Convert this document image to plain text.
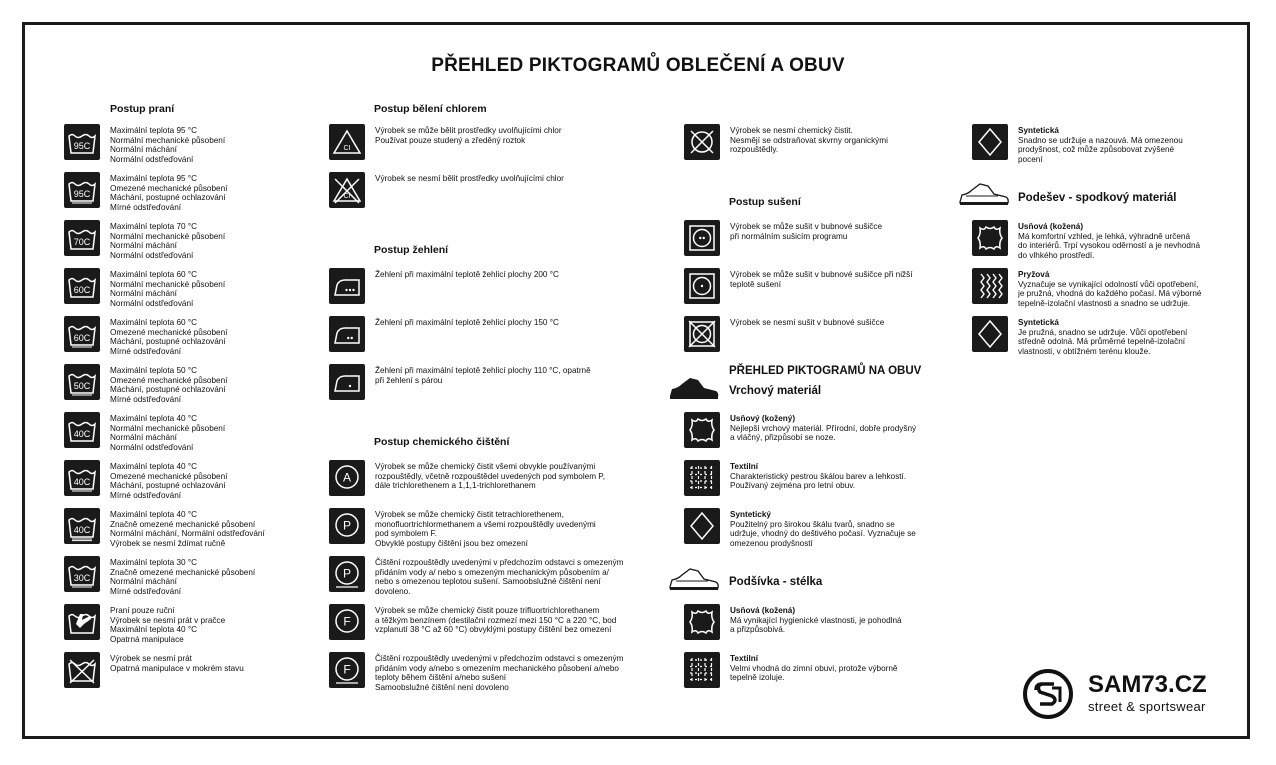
PŘEHLED PIKTOGRAMŮ OBLEČENÍ A OBUV
Postup praní	Postup bělení chlorem
Postup žehlení
Postup chemického čištění
Postup sušení
PŘEHLED PIKTOGRAMŮ NA OBUV
Vrchový materiál
Podšívka - stélka
Podešev - spodkový materiál
SAM73.CZ
street & sportswear
95C
Maximální teplota 95 °C
Normální mechanické působení
Normální máchání
Normální odstřeďování
95C
Maximální teplota 95 °C
Omezené mechanické působení
Máchání, postupné ochlazování
Mírné odstřeďování
70C
Maximální teplota 70 °C
Normální mechanické působení
Normální máchání
Normální odstřeďování
60C
Maximální teplota 60 °C
Normální mechanické působení
Normální máchání
Normální odstřeďování
60C
Maximální teplota 60 °C
Omezené mechanické působení
Máchání, postupné ochlazování
Mírné odstřeďování
50C
Maximální teplota 50 °C
Omezené mechanické působení
Máchání, postupné ochlazování
Mírné odstřeďování
40C
Maximální teplota 40 °C
Normální mechanické působení
Normální máchání
Normální odstřeďování
40C
Maximální teplota 40 °C
Omezené mechanické působení
Máchání, postupné ochlazování
Mírné odstřeďování
40C
Maximální teplota 40 °C
Značně omezené mechanické působení
Normální máchání, Normální odstřeďování
Výrobek se nesmí ždímat ručně
30C
Maximální teplota 30 °C
Značně omezené mechanické působení
Normální máchání
Mírné odstřeďování
Praní pouze ruční
Výrobek se nesmí prát v pračce
Maximální teplota 40 °C
Opatrná manipulace
Výrobek se nesmí prát
Opatrná manipulace v mokrém stavu
CI
Výrobek se může bělit prostředky uvolňujícími chlor
Používat pouze studený a zředěný roztok
CI
Výrobek se nesmí bělit prostředky uvolňujícími chlor
Žehlení při maximální teplotě žehlicí plochy 200 °C
Žehlení při maximální teplotě žehlicí plochy 150 °C
Žehlení při maximální teplotě žehlicí plochy 110 °C, opatrně
při žehlení s párou
A
Výrobek se může chemický čistit všemi obvykle používanými
rozpouštědly, včetně rozpouštědel uvedených pod symbolem P,
dále trichlorethenem a 1,1,1-trichlorethanem
P
Výrobek se může chemický čistit tetrachlorethenem,
monofluortrichlormethanem a všemi rozpouštědly uvedenými
pod symbolem F.
Obvyklé postupy čištění jsou bez omezení
P
Čištění rozpouštědly uvedenými v předchozím odstavci s omezeným
přidáním vody a/ nebo s omezeným mechanickým působením a/
nebo s omezenou teplotou sušení. Samoobslužné čištění není
dovoleno.
F
Výrobek se může chemický čistit pouze trifluortrichlorethanem
a těžkým benzínem (destilační rozmezí mezi 150 °C a 220 °C, bod
vzplanutí 38 °C až 60 °C) obvyklými postupy čištění bez omezení
F
Čištění rozpouštědly uvedenými v předchozím odstavci s omezeným
přidáním vody a/nebo s omezením mechanického působení a/nebo
teploty během čištění a/nebo sušení
Samoobslužné čištění není dovoleno
Výrobek se nesmí chemický čistit.
Nesmějí se odstraňovat skvrny organickými
rozpouštědly.
Výrobek se může sušit v bubnové sušičce
při normálním sušicím programu
Výrobek se může sušit v bubnové sušičce při nižší
teplotě sušení
Výrobek se nesmí sušit v bubnové sušičce
Usňový (kožený)
Nejlepší vrchový materiál. Přírodní, dobře prodyšný
a vláčný, přizpůsobí se noze.
Textilní
Charakteristický pestrou škálou barev a lehkostí.
Používaný zejména pro letní obuv.
Syntetický
Použitelný pro širokou škálu tvarů, snadno se
udržuje, vhodný do deštivého počasí. Vyznačuje se
omezenou prodyšností
Usňová (kožená)
Má vynikající hygienické vlastnosti, je pohodlná
a přizpůsobivá.
Textilní
Velmi vhodná do zimní obuvi, protože výborně
tepelně izoluje.
Syntetická
Snadno se udržuje a nazouvá. Má omezenou
prodyšnost, což může způsobovat zvýšené
pocení
Usňová (kožená)
Má komfortní vzhled, je lehká, výhradně určená
do interiérů. Trpí vysokou oděrností a je nevhodná
do vlhkého prostředí.
Pryžová
Vyznačuje se vynikající odolností vůči opotřebení,
je pružná, vhodná do každého počasí. Má výborné
tepelně-izolační vlastnosti a snadno se udržuje.
Syntetická
Je pružná, snadno se udržuje. Vůči opotřebení
středně odolná. Má průměrné tepelně-izolační
vlastnosti, v obtížném terénu klouže.
